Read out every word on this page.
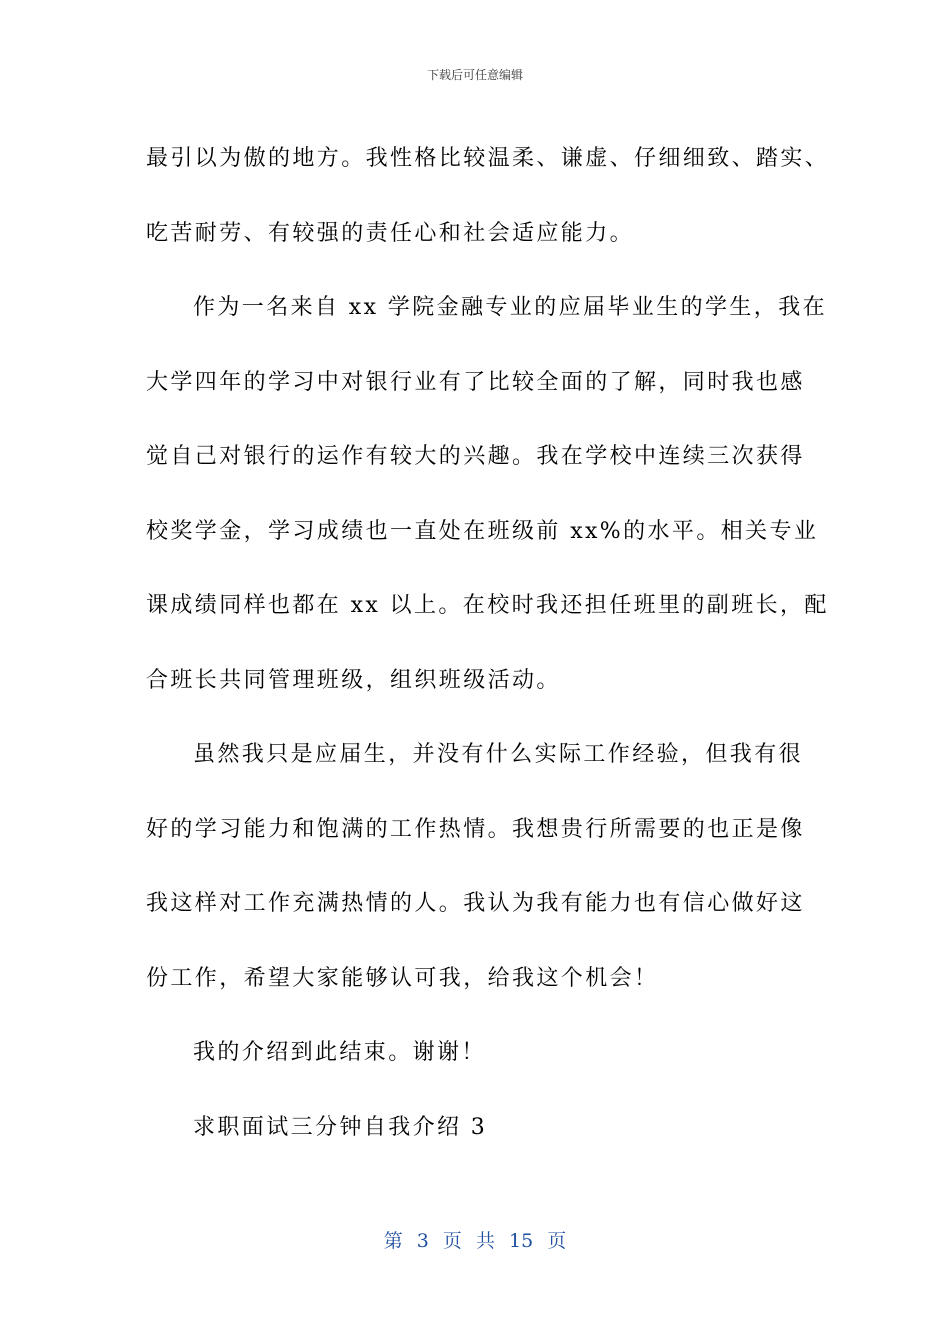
下载后可任意编辑
最引以为傲的地方。我性格比较温柔、谦虚、仔细细致、踏实、
吃苦耐劳、有较强的责任心和社会适应能力。
作为一名来自 xx 学院金融专业的应届毕业生的学生，我在
大学四年的学习中对银行业有了比较全面的了解，同时我也感
觉自己对银行的运作有较大的兴趣。我在学校中连续三次获得
校奖学金，学习成绩也一直处在班级前 xx%的水平。相关专业
课成绩同样也都在 xx 以上。在校时我还担任班里的副班长，配
合班长共同管理班级，组织班级活动。
虽然我只是应届生，并没有什么实际工作经验，但我有很
好的学习能力和饱满的工作热情。我想贵行所需要的也正是像
我这样对工作充满热情的人。我认为我有能力也有信心做好这
份工作，希望大家能够认可我，给我这个机会！
我的介绍到此结束。谢谢！
求职面试三分钟自我介绍 3
第 3 页 共 15 页
